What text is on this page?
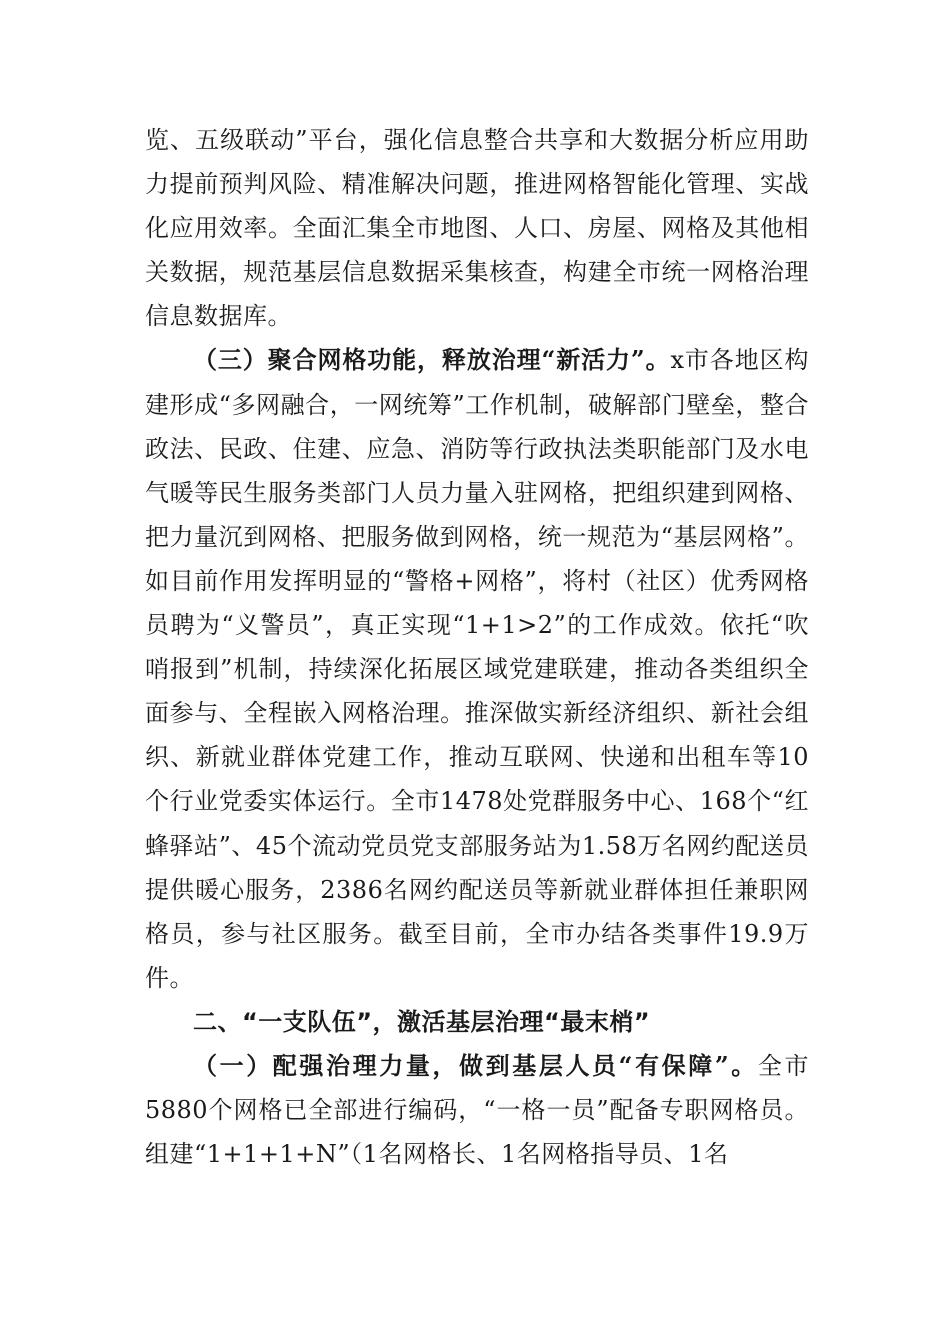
览、五级联动”平台，强化信息整合共享和大数据分析应用助力提前预判风险、精准解决问题，推进网格智能化管理、实战化应用效率。全面汇集全市地图、人口、房屋、网格及其他相关数据，规范基层信息数据采集核查，构建全市统一网格治理信息数据库。

（三）聚合网格功能，释放治理“新活力”。x市各地区构建形成“多网融合，一网统筹”工作机制，破解部门壁垒，整合政法、民政、住建、应急、消防等行政执法类职能部门及水电气暖等民生服务类部门人员力量入驻网格，把组织建到网格、把力量沉到网格、把服务做到网格，统一规范为“基层网格”。如目前作用发挥明显的“警格+网格”，将村（社区）优秀网格员聘为“义警员”，真正实现“1+1>2”的工作成效。依托“吹哨报到”机制，持续深化拓展区域党建联建，推动各类组织全面参与、全程嵌入网格治理。推深做实新经济组织、新社会组织、新就业群体党建工作，推动互联网、快递和出租车等10个行业党委实体运行。全市1478处党群服务中心、168个“红蜂驿站”、45个流动党员党支部服务站为1.58万名网约配送员提供暖心服务，2386名网约配送员等新就业群体担任兼职网格员，参与社区服务。截至目前，全市办结各类事件19.9万件。

二、“一支队伍”，激活基层治理“最末梢”

（一）配强治理力量，做到基层人员“有保障”。全市5880个网格已全部进行编码，“一格一员”配备专职网格员。组建“1+1+1+N”（1名网格长、1名网格指导员、1名
